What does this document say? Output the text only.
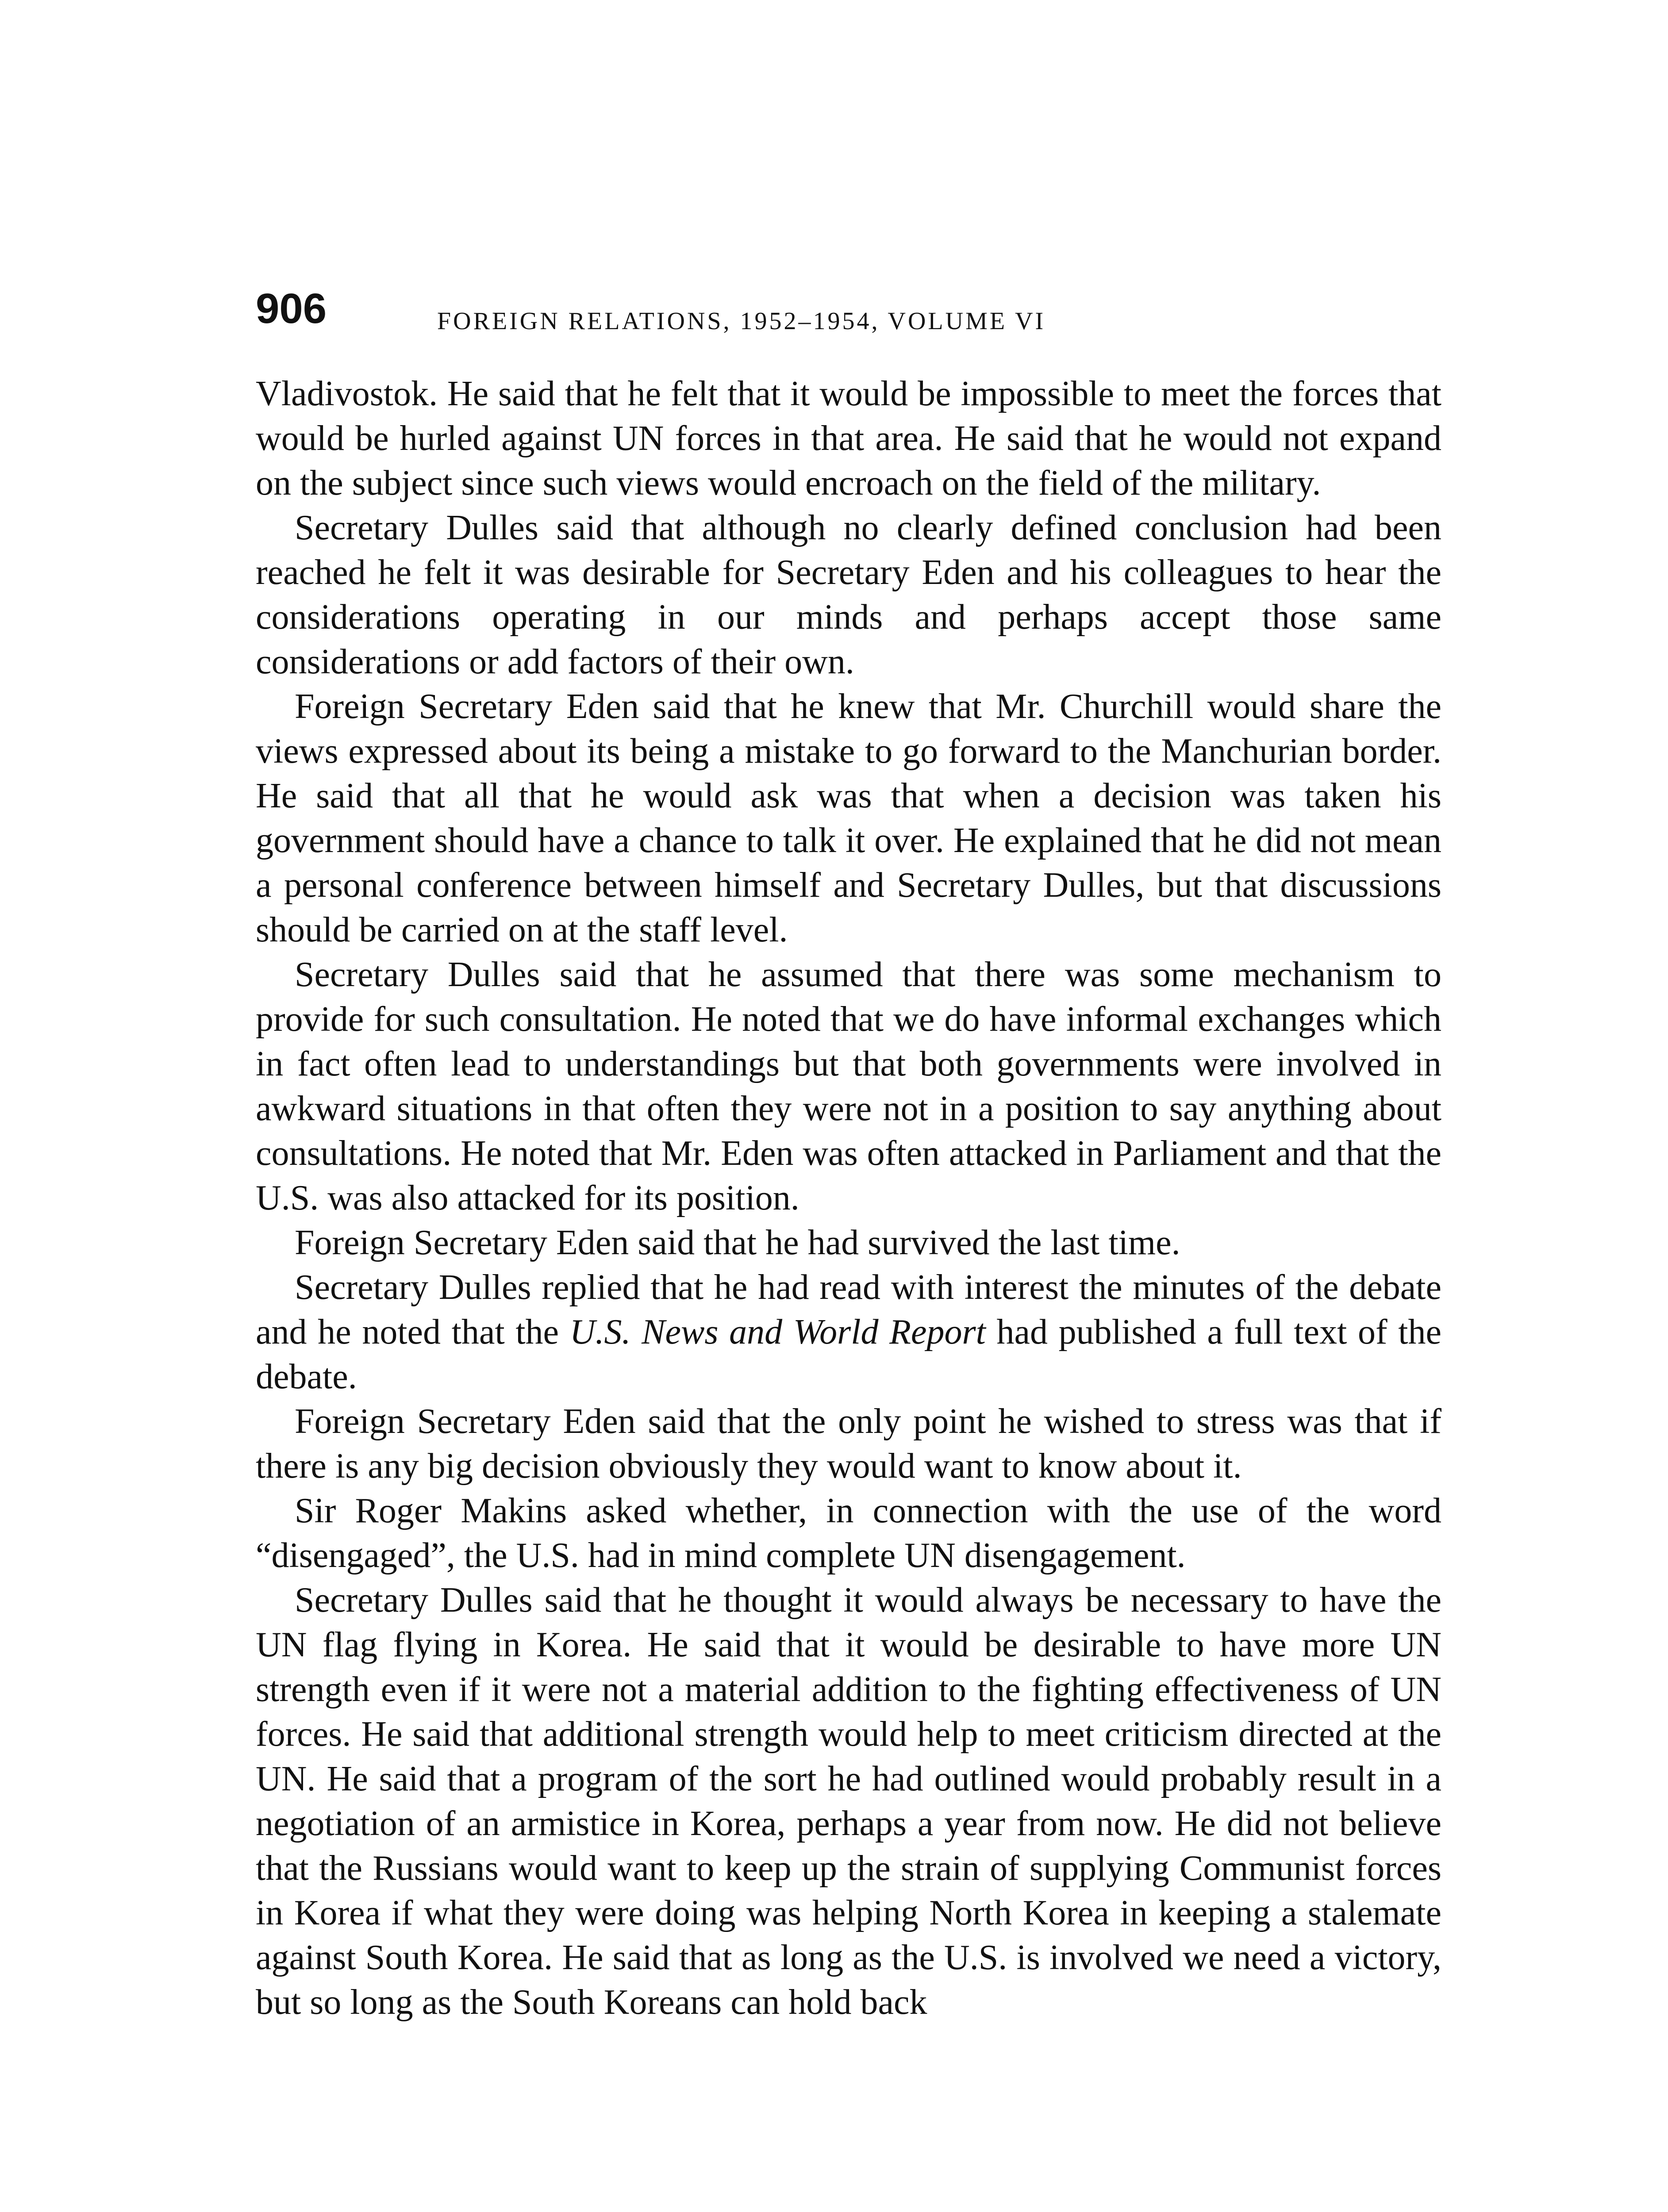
906	FOREIGN RELATIONS, 1952–1954, VOLUME VI

Vladivostok. He said that he felt that it would be impossible to meet the forces that would be hurled against UN forces in that area. He said that he would not expand on the subject since such views would encroach on the field of the military.

Secretary Dulles said that although no clearly defined conclusion had been reached he felt it was desirable for Secretary Eden and his colleagues to hear the considerations operating in our minds and perhaps accept those same considerations or add factors of their own.

Foreign Secretary Eden said that he knew that Mr. Churchill would share the views expressed about its being a mistake to go forward to the Manchurian border. He said that all that he would ask was that when a decision was taken his government should have a chance to talk it over. He explained that he did not mean a personal conference between himself and Secretary Dulles, but that discussions should be carried on at the staff level.

Secretary Dulles said that he assumed that there was some mechanism to provide for such consultation. He noted that we do have informal exchanges which in fact often lead to understandings but that both governments were involved in awkward situations in that often they were not in a position to say anything about consultations. He noted that Mr. Eden was often attacked in Parliament and that the U.S. was also attacked for its position.

Foreign Secretary Eden said that he had survived the last time.

Secretary Dulles replied that he had read with interest the minutes of the debate and he noted that the U.S. News and World Report had published a full text of the debate.

Foreign Secretary Eden said that the only point he wished to stress was that if there is any big decision obviously they would want to know about it.

Sir Roger Makins asked whether, in connection with the use of the word “disengaged”, the U.S. had in mind complete UN disengagement.

Secretary Dulles said that he thought it would always be necessary to have the UN flag flying in Korea. He said that it would be desirable to have more UN strength even if it were not a material addition to the fighting effectiveness of UN forces. He said that additional strength would help to meet criticism directed at the UN. He said that a program of the sort he had outlined would probably result in a negotiation of an armistice in Korea, perhaps a year from now. He did not believe that the Russians would want to keep up the strain of supplying Communist forces in Korea if what they were doing was helping North Korea in keeping a stalemate against South Korea. He said that as long as the U.S. is involved we need a victory, but so long as the South Koreans can hold back
